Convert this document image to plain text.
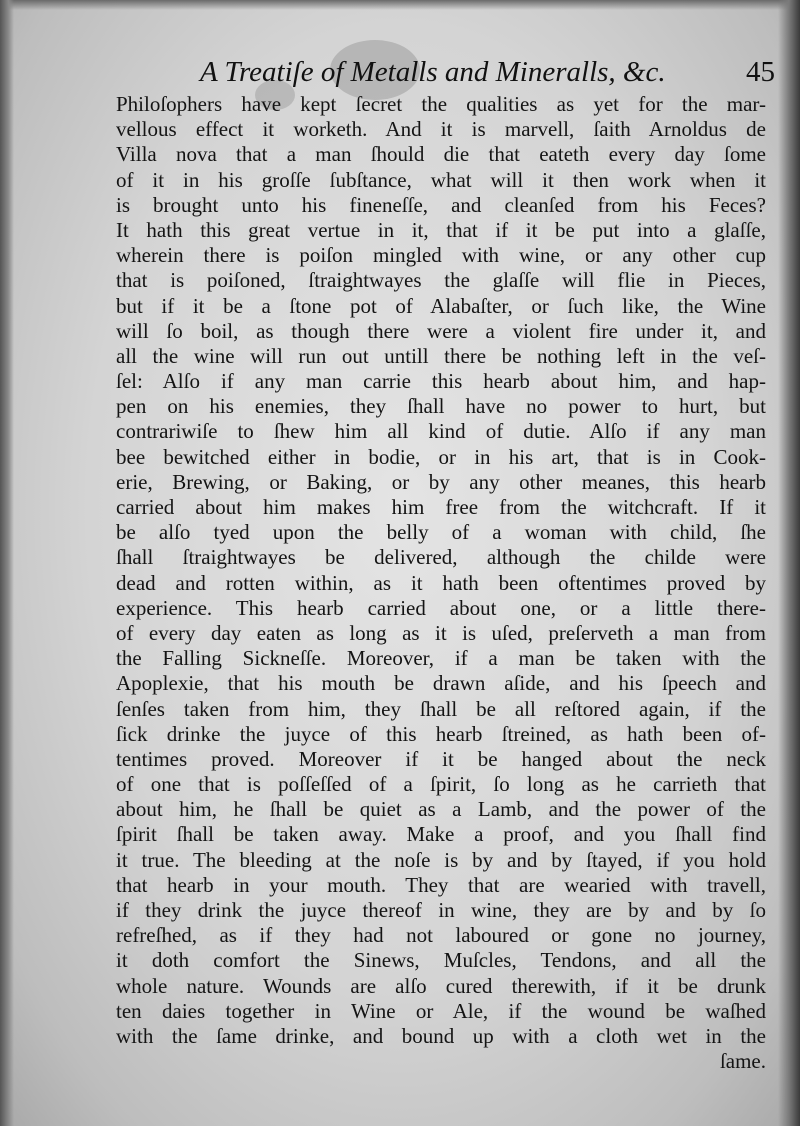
A Treatiſe of Metalls and Mineralls, &c.	45
Philoſophers have kept ſecret the qualities as yet for the mar-
vellous effect it worketh. And it is marvell, ſaith Arnoldus de
Villa nova that a man ſhould die that eateth every day ſome
of it in his groſſe ſubſtance, what will it then work when it
is brought unto his fineneſſe, and cleanſed from his Feces?
It hath this great vertue in it, that if it be put into a glaſſe,
wherein there is poiſon mingled with wine, or any other cup
that is poiſoned, ſtraightwayes the glaſſe will flie in Pieces,
but if it be a ſtone pot of Alabaſter, or ſuch like, the Wine
will ſo boil, as though there were a violent fire under it, and
all the wine will run out untill there be nothing left in the veſ-
ſel: Alſo if any man carrie this hearb about him, and hap-
pen on his enemies, they ſhall have no power to hurt, but
contrariwiſe to ſhew him all kind of dutie. Alſo if any man
bee bewitched either in bodie, or in his art, that is in Cook-
erie, Brewing, or Baking, or by any other meanes, this hearb
carried about him makes him free from the witchcraft. If it
be alſo tyed upon the belly of a woman with child, ſhe
ſhall ſtraightwayes be delivered, although the childe were
dead and rotten within, as it hath been oftentimes proved by
experience. This hearb carried about one, or a little there-
of every day eaten as long as it is uſed, preſerveth a man from
the Falling Sickneſſe. Moreover, if a man be taken with the
Apoplexie, that his mouth be drawn aſide, and his ſpeech and
ſenſes taken from him, they ſhall be all reſtored again, if the
ſick drinke the juyce of this hearb ſtreined, as hath been of-
tentimes proved. Moreover if it be hanged about the neck
of one that is poſſeſſed of a ſpirit, ſo long as he carrieth that
about him, he ſhall be quiet as a Lamb, and the power of the
ſpirit ſhall be taken away. Make a proof, and you ſhall find
it true. The bleeding at the noſe is by and by ſtayed, if you hold
that hearb in your mouth. They that are wearied with travell,
if they drink the juyce thereof in wine, they are by and by ſo
refreſhed, as if they had not laboured or gone no journey,
it doth comfort the Sinews, Muſcles, Tendons, and all the
whole nature. Wounds are alſo cured therewith, if it be drunk
ten daies together in Wine or Ale, if the wound be waſhed
with the ſame drinke, and bound up with a cloth wet in the
ſame.
